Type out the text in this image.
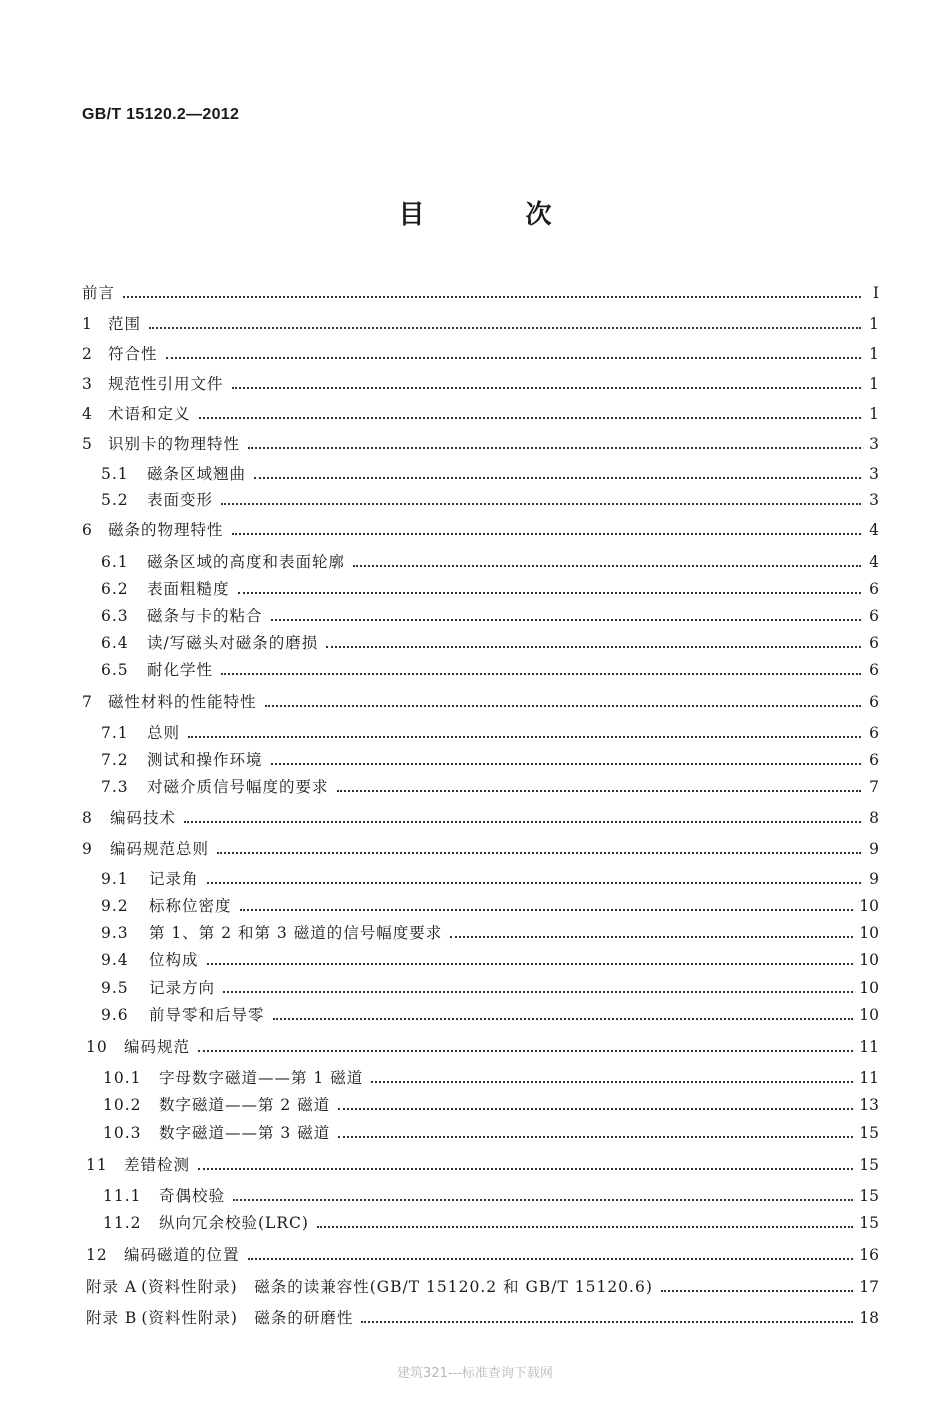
GB/T 15120.2—2012
目 次
前言	I
1 范围	1
2 符合性	1
3 规范性引用文件	1
4 术语和定义	1
5 识别卡的物理特性	3
5.1	磁条区域翘曲	3
5.2	表面变形	3
6 磁条的物理特性	4
6.1	磁条区域的高度和表面轮廓	4
6.2	表面粗糙度	6
6.3	磁条与卡的粘合	6
6.4	读/写磁头对磁条的磨损	6
6.5	耐化学性	6
7 磁性材料的性能特性	6
7.1	总则	6
7.2	测试和操作环境	6
7.3	对磁介质信号幅度的要求	7
8	编码技术	8
9	编码规范总则	9
9.1	记录角	9
9.2	标称位密度	10
9.3	第 1、第 2 和第 3 磁道的信号幅度要求	10
9.4	位构成	10
9.5	记录方向	10
9.6	前导零和后导零	10
10	编码规范	11
10.1	字母数字磁道——第 1 磁道	11
10.2	数字磁道——第 2 磁道	13
10.3	数字磁道——第 3 磁道	15
11	差错检测	15
11.1	奇偶校验	15
11.2	纵向冗余校验(LRC)	15
12	编码磁道的位置	16
附录 A (资料性附录)　磁条的读兼容性(GB/T 15120.2 和 GB/T 15120.6)	17
附录 B (资料性附录)　磁条的研磨性	18
建筑321---标准查询下载网
